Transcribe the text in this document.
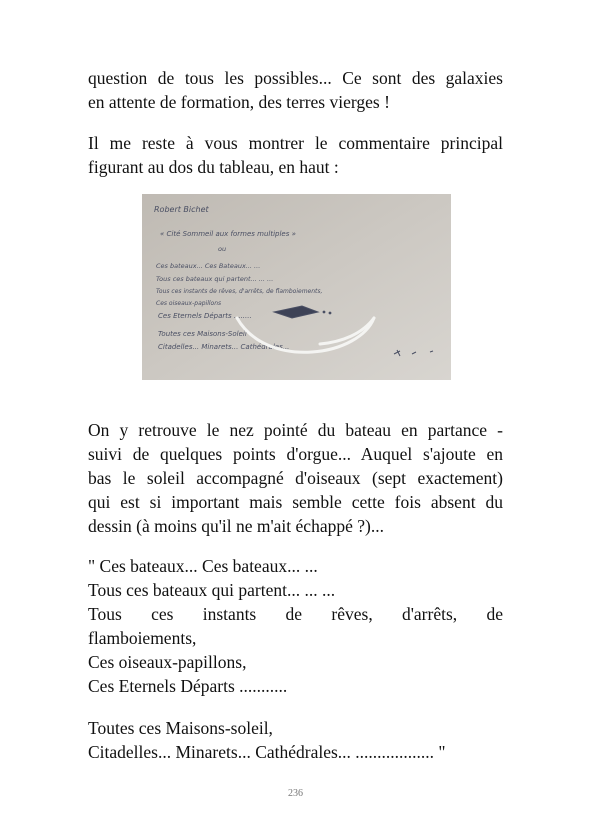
question de tous les possibles... Ce sont des galaxies
en attente de formation, des terres vierges !

Il me reste à vous montrer le commentaire principal
figurant au dos du tableau, en haut :

Robert Bichet
« Cité Sommeil aux formes multiples »
ou
Ces bateaux... Ces Bateaux... ...
Tous ces bateaux qui partent... ... ...
Tous ces instants de rêves, d'arrêts, de flamboiements,
Ces oiseaux-papillons
Ces Eternels Départs ........
Toutes ces Maisons-Soleil
Citadelles... Minarets... Cathédrales...

On y retrouve le nez pointé du bateau en partance -
suivi de quelques points d'orgue... Auquel s'ajoute en
bas le soleil accompagné d'oiseaux (sept exactement)
qui est si important mais semble cette fois absent du
dessin (à moins qu'il ne m'ait échappé ?)...

" Ces bateaux... Ces bateaux... ...
Tous ces bateaux qui partent... ... ...
Tous ces instants de rêves, d'arrêts, de
flamboiements,
Ces oiseaux-papillons,
Ces Eternels Départs ...........

Toutes ces Maisons-soleil,
Citadelles... Minarets... Cathédrales... .................. "

236
